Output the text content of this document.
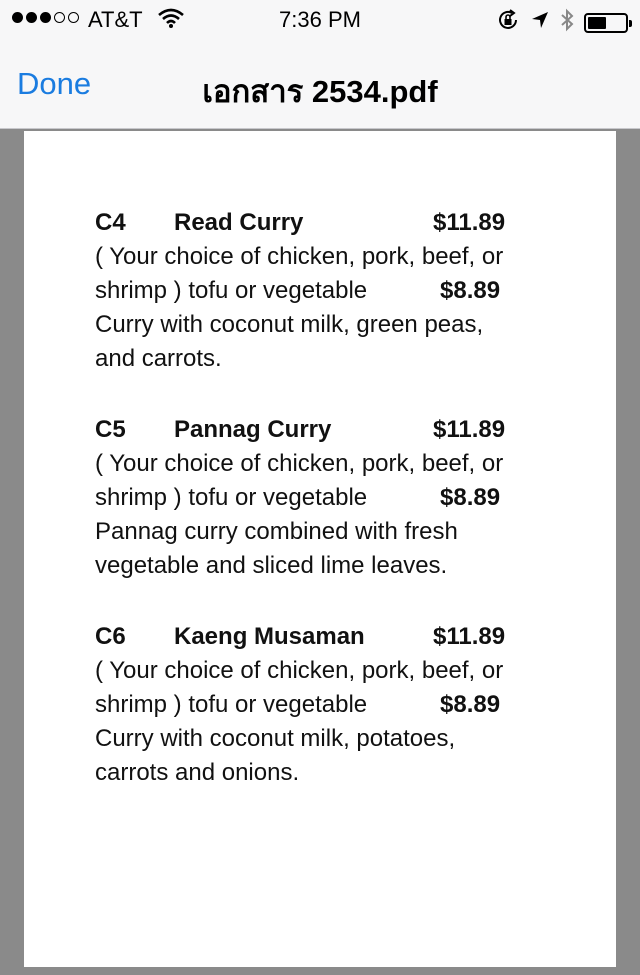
AT&T	7:36 PM
Done	เอกสาร 2534.pdf
C4 Read Curry	$11.89
( Your choice of chicken, pork, beef, or
shrimp ) tofu or vegetable	$8.89
Curry with coconut milk, green peas,
and carrots.
C5 Pannag Curry	$11.89
( Your choice of chicken, pork, beef, or
shrimp ) tofu or vegetable	$8.89
Pannag curry combined with fresh
vegetable and sliced lime leaves.
C6 Kaeng Musaman	$11.89
( Your choice of chicken, pork, beef, or
shrimp ) tofu or vegetable	$8.89
Curry with coconut milk, potatoes,
carrots and onions.
